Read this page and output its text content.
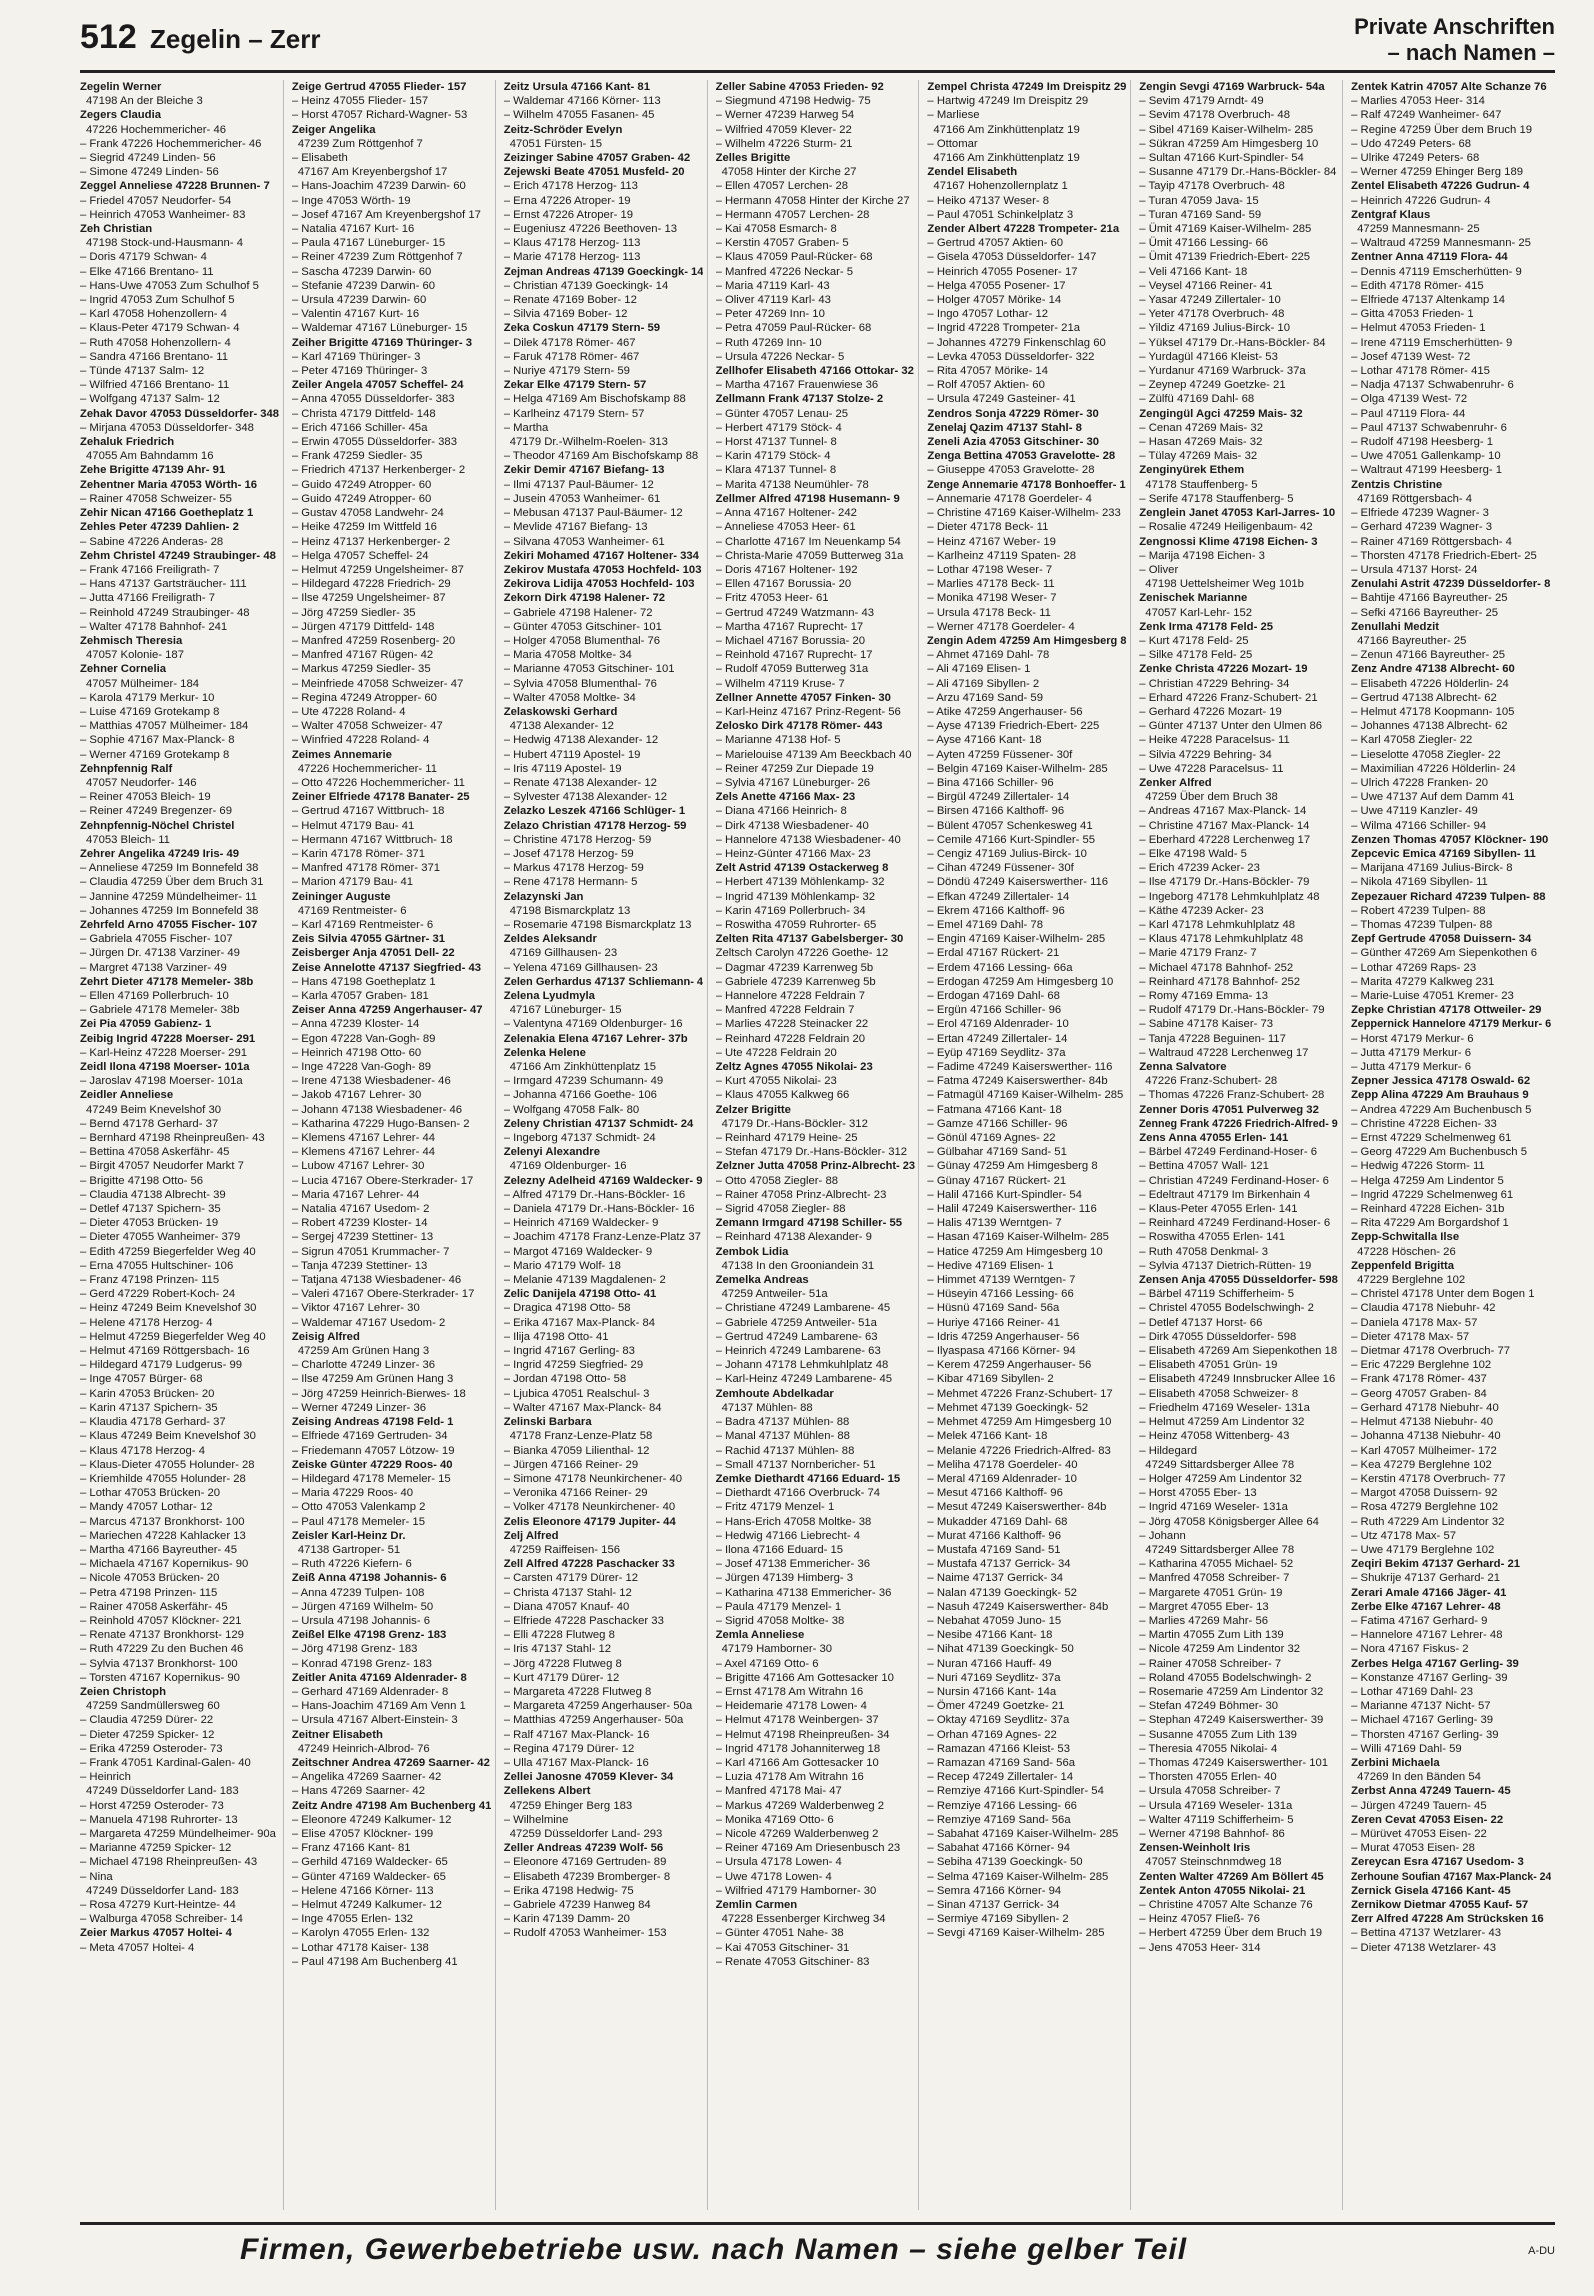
512 Zegelin – Zerr	Private Anschriften
– nach Namen –
Zegelin Werner
47198 An der Bleiche 3
Zegers Claudia
47226 Hochemmericher- 46
– Frank 47226 Hochemmericher- 46
– Siegrid 47249 Linden- 56
– Simone 47249 Linden- 56
Zeggel Anneliese 47228 Brunnen- 7
– Friedel 47057 Neudorfer- 54
– Heinrich 47053 Wanheimer- 83
Zeh Christian
47198 Stock-und-Hausmann- 4
– Doris 47179 Schwan- 4
– Elke 47166 Brentano- 11
– Hans-Uwe 47053 Zum Schulhof 5
– Ingrid 47053 Zum Schulhof 5
– Karl 47058 Hohenzollern- 4
– Klaus-Peter 47179 Schwan- 4
– Ruth 47058 Hohenzollern- 4
– Sandra 47166 Brentano- 11
– Tünde 47137 Salm- 12
– Wilfried 47166 Brentano- 11
– Wolfgang 47137 Salm- 12
Zehak Davor 47053 Düsseldorfer- 348
– Mirjana 47053 Düsseldorfer- 348
Zehaluk Friedrich
47055 Am Bahndamm 16
Zehe Brigitte 47139 Ahr- 91
Zehentner Maria 47053 Wörth- 16
– Rainer 47058 Schweizer- 55
Zehir Nican 47166 Goetheplatz 1
Zehles Peter 47239 Dahlien- 2
– Sabine 47226 Anderas- 28
Zehm Christel 47249 Straubinger- 48
– Frank 47166 Freiligrath- 7
– Hans 47137 Gartsträucher- 111
– Jutta 47166 Freiligrath- 7
– Reinhold 47249 Straubinger- 48
– Walter 47178 Bahnhof- 241
Zehmisch Theresia
47057 Kolonie- 187
Zehner Cornelia
47057 Mülheimer- 184
– Karola 47179 Merkur- 10
– Luise 47169 Grotekamp 8
– Matthias 47057 Mülheimer- 184
– Sophie 47167 Max-Planck- 8
– Werner 47169 Grotekamp 8
Zehnpfennig Ralf
47057 Neudorfer- 146
– Reiner 47053 Bleich- 19
– Reiner 47249 Bregenzer- 69
Zehnpfennig-Nöchel Christel
47053 Bleich- 11
Zehrer Angelika 47249 Iris- 49
– Anneliese 47259 Im Bonnefeld 38
– Claudia 47259 Über dem Bruch 31
– Jannine 47259 Mündelheimer- 11
– Johannes 47259 Im Bonnefeld 38
Zehrfeld Arno 47055 Fischer- 107
– Gabriela 47055 Fischer- 107
– Jürgen Dr. 47138 Varziner- 49
– Margret 47138 Varziner- 49
Zehrt Dieter 47178 Memeler- 38b
– Ellen 47169 Pollerbruch- 10
– Gabriele 47178 Memeler- 38b
Zei Pia 47059 Gabienz- 1
Zeibig Ingrid 47228 Moerser- 291
– Karl-Heinz 47228 Moerser- 291
Zeidl Ilona 47198 Moerser- 101a
– Jaroslav 47198 Moerser- 101a
Zeidler Anneliese
47249 Beim Knevelshof 30
– Bernd 47178 Gerhard- 37
– Bernhard 47198 Rheinpreußen- 43
– Bettina 47058 Askerfähr- 45
– Birgit 47057 Neudorfer Markt 7
– Brigitte 47198 Otto- 56
– Claudia 47138 Albrecht- 39
– Detlef 47137 Spichern- 35
– Dieter 47053 Brücken- 19
– Dieter 47055 Wanheimer- 379
– Edith 47259 Biegerfelder Weg 40
– Erna 47055 Hultschiner- 106
– Franz 47198 Prinzen- 115
– Gerd 47229 Robert-Koch- 24
– Heinz 47249 Beim Knevelshof 30
– Helene 47178 Herzog- 4
– Helmut 47259 Biegerfelder Weg 40
– Helmut 47169 Röttgersbach- 16
– Hildegard 47179 Ludgerus- 99
– Inge 47057 Bürger- 68
– Karin 47053 Brücken- 20
– Karin 47137 Spichern- 35
– Klaudia 47178 Gerhard- 37
– Klaus 47249 Beim Knevelshof 30
– Klaus 47178 Herzog- 4
– Klaus-Dieter 47055 Holunder- 28
– Kriemhilde 47055 Holunder- 28
– Lothar 47053 Brücken- 20
– Mandy 47057 Lothar- 12
– Marcus 47137 Bronkhorst- 100
– Mariechen 47228 Kahlacker 13
– Martha 47166 Bayreuther- 45
– Michaela 47167 Kopernikus- 90
– Nicole 47053 Brücken- 20
– Petra 47198 Prinzen- 115
– Rainer 47058 Askerfähr- 45
– Reinhold 47057 Klöckner- 221
– Renate 47137 Bronkhorst- 129
– Ruth 47229 Zu den Buchen 46
– Sylvia 47137 Bronkhorst- 100
– Torsten 47167 Kopernikus- 90
Zeien Christoph
47259 Sandmüllersweg 60
– Claudia 47259 Dürer- 22
– Dieter 47259 Spicker- 12
– Erika 47259 Osteroder- 73
– Frank 47051 Kardinal-Galen- 40
– Heinrich
47249 Düsseldorfer Land- 183
– Horst 47259 Osteroder- 73
– Manuela 47198 Ruhrorter- 13
– Margareta 47259 Mündelheimer- 90a
– Marianne 47259 Spicker- 12
– Michael 47198 Rheinpreußen- 43
– Nina
47249 Düsseldorfer Land- 183
– Rosa 47279 Kurt-Heintze- 44
– Walburga 47058 Schreiber- 14
Zeier Markus 47057 Holtei- 4
– Meta 47057 Holtei- 4
Zeige Gertrud 47055 Flieder- 157
– Heinz 47055 Flieder- 157
– Horst 47057 Richard-Wagner- 53
Zeiger Angelika
47239 Zum Röttgenhof 7
– Elisabeth
47167 Am Kreyenbergshof 17
– Hans-Joachim 47239 Darwin- 60
– Inge 47053 Wörth- 19
– Josef 47167 Am Kreyenbergshof 17
– Natalia 47167 Kurt- 16
– Paula 47167 Lüneburger- 15
– Reiner 47239 Zum Röttgenhof 7
– Sascha 47239 Darwin- 60
– Stefanie 47239 Darwin- 60
– Ursula 47239 Darwin- 60
– Valentin 47167 Kurt- 16
– Waldemar 47167 Lüneburger- 15
Zeiher Brigitte 47169 Thüringer- 3
– Karl 47169 Thüringer- 3
– Peter 47169 Thüringer- 3
Zeiler Angela 47057 Scheffel- 24
– Anna 47055 Düsseldorfer- 383
– Christa 47179 Dittfeld- 148
– Erich 47166 Schiller- 45a
– Erwin 47055 Düsseldorfer- 383
– Frank 47259 Siedler- 35
– Friedrich 47137 Herkenberger- 2
– Guido 47249 Atropper- 60
– Guido 47249 Atropper- 60
– Gustav 47058 Landwehr- 24
– Heike 47259 Im Wittfeld 16
– Heinz 47137 Herkenberger- 2
– Helga 47057 Scheffel- 24
– Helmut 47259 Ungelsheimer- 87
– Hildegard 47228 Friedrich- 29
– Ilse 47259 Ungelsheimer- 87
– Jörg 47259 Siedler- 35
– Jürgen 47179 Dittfeld- 148
– Manfred 47259 Rosenberg- 20
– Manfred 47167 Rügen- 42
– Markus 47259 Siedler- 35
– Meinfriede 47058 Schweizer- 47
– Regina 47249 Atropper- 60
– Ute 47228 Roland- 4
– Walter 47058 Schweizer- 47
– Winfried 47228 Roland- 4
Zeimes Annemarie
47226 Hochemmericher- 11
– Otto 47226 Hochemmericher- 11
Zeiner Elfriede 47178 Banater- 25
– Gertrud 47167 Wittbruch- 18
– Helmut 47179 Bau- 41
– Hermann 47167 Wittbruch- 18
– Karin 47178 Römer- 371
– Manfred 47178 Römer- 371
– Marion 47179 Bau- 41
Zeininger Auguste
47169 Rentmeister- 6
– Karl 47169 Rentmeister- 6
Zeis Silvia 47055 Gärtner- 31
Zeisberger Anja 47051 Dell- 22
Zeise Annelotte 47137 Siegfried- 43
– Hans 47198 Goetheplatz 1
– Karla 47057 Graben- 181
Zeiser Anna 47259 Angerhauser- 47
– Anna 47239 Kloster- 14
– Egon 47228 Van-Gogh- 89
– Heinrich 47198 Otto- 60
– Inge 47228 Van-Gogh- 89
– Irene 47138 Wiesbadener- 46
– Jakob 47167 Lehrer- 30
– Johann 47138 Wiesbadener- 46
– Katharina 47229 Hugo-Bansen- 2
– Klemens 47167 Lehrer- 44
– Klemens 47167 Lehrer- 44
– Lubow 47167 Lehrer- 30
– Lucia 47167 Obere-Sterkrader- 17
– Maria 47167 Lehrer- 44
– Natalia 47167 Usedom- 2
– Robert 47239 Kloster- 14
– Sergej 47239 Stettiner- 13
– Sigrun 47051 Krummacher- 7
– Tanja 47239 Stettiner- 13
– Tatjana 47138 Wiesbadener- 46
– Valeri 47167 Obere-Sterkrader- 17
– Viktor 47167 Lehrer- 30
– Waldemar 47167 Usedom- 2
Zeisig Alfred
47259 Am Grünen Hang 3
– Charlotte 47249 Linzer- 36
– Ilse 47259 Am Grünen Hang 3
– Jörg 47259 Heinrich-Bierwes- 18
– Werner 47249 Linzer- 36
Zeising Andreas 47198 Feld- 1
– Elfriede 47169 Gertruden- 34
– Friedemann 47057 Lötzow- 19
Zeiske Günter 47229 Roos- 40
– Hildegard 47178 Memeler- 15
– Maria 47229 Roos- 40
– Otto 47053 Valenkamp 2
– Paul 47178 Memeler- 15
Zeisler Karl-Heinz Dr.
47138 Gartroper- 51
– Ruth 47226 Kiefern- 6
Zeiß Anna 47198 Johannis- 6
– Anna 47239 Tulpen- 108
– Jürgen 47169 Wilhelm- 50
– Ursula 47198 Johannis- 6
Zeißel Elke 47198 Grenz- 183
– Jörg 47198 Grenz- 183
– Konrad 47198 Grenz- 183
Zeitler Anita 47169 Aldenrader- 8
– Gerhard 47169 Aldenrader- 8
– Hans-Joachim 47169 Am Venn 1
– Ursula 47167 Albert-Einstein- 3
Zeitner Elisabeth
47249 Heinrich-Albrod- 76
Zeitschner Andrea 47269 Saarner- 42
– Angelika 47269 Saarner- 42
– Hans 47269 Saarner- 42
Zeitz Andre 47198 Am Buchenberg 41
– Eleonore 47249 Kalkumer- 12
– Elise 47057 Klöckner- 199
– Franz 47166 Kant- 81
– Gerhild 47169 Waldecker- 65
– Günter 47169 Waldecker- 65
– Helene 47166 Körner- 113
– Helmut 47249 Kalkumer- 12
– Inge 47055 Erlen- 132
– Karolyn 47055 Erlen- 132
– Lothar 47178 Kaiser- 138
– Paul 47198 Am Buchenberg 41
Zeitz Ursula 47166 Kant- 81
– Waldemar 47166 Körner- 113
– Wilhelm 47055 Fasanen- 45
Zeitz-Schröder Evelyn
47051 Fürsten- 15
Zeizinger Sabine 47057 Graben- 42
Zejewski Beate 47051 Musfeld- 20
– Erich 47178 Herzog- 113
– Erna 47226 Atroper- 19
– Ernst 47226 Atroper- 19
– Eugeniusz 47226 Beethoven- 13
– Klaus 47178 Herzog- 113
– Marie 47178 Herzog- 113
Zejman Andreas 47139 Goeckingk- 14
– Christian 47139 Goeckingk- 14
– Renate 47169 Bober- 12
– Silvia 47169 Bober- 12
Zeka Coskun 47179 Stern- 59
– Dilek 47178 Römer- 467
– Faruk 47178 Römer- 467
– Nuriye 47179 Stern- 59
Zekar Elke 47179 Stern- 57
– Helga 47169 Am Bischofskamp 88
– Karlheinz 47179 Stern- 57
– Martha
47179 Dr.-Wilhelm-Roelen- 313
– Theodor 47169 Am Bischofskamp 88
Zekir Demir 47167 Biefang- 13
– Ilmi 47137 Paul-Bäumer- 12
– Jusein 47053 Wanheimer- 61
– Mebusan 47137 Paul-Bäumer- 12
– Mevlide 47167 Biefang- 13
– Silvana 47053 Wanheimer- 61
Zekiri Mohamed 47167 Holtener- 334
Zekirov Mustafa 47053 Hochfeld- 103
Zekirova Lidija 47053 Hochfeld- 103
Zekorn Dirk 47198 Halener- 72
– Gabriele 47198 Halener- 72
– Günter 47053 Gitschiner- 101
– Holger 47058 Blumenthal- 76
– Maria 47058 Moltke- 34
– Marianne 47053 Gitschiner- 101
– Sylvia 47058 Blumenthal- 76
– Walter 47058 Moltke- 34
Zelaskowski Gerhard
47138 Alexander- 12
– Hedwig 47138 Alexander- 12
– Hubert 47119 Apostel- 19
– Iris 47119 Apostel- 19
– Renate 47138 Alexander- 12
– Sylvester 47138 Alexander- 12
Zelazko Leszek 47166 Schlüger- 1
Zelazo Christian 47178 Herzog- 59
– Christine 47178 Herzog- 59
– Josef 47178 Herzog- 59
– Markus 47178 Herzog- 59
– Rene 47178 Hermann- 5
Zelazynski Jan
47198 Bismarckplatz 13
– Rosemarie 47198 Bismarckplatz 13
Zeldes Aleksandr
47169 Gillhausen- 23
– Yelena 47169 Gillhausen- 23
Zelen Gerhardus 47137 Schliemann- 4
Zelena Lyudmyla
47167 Lüneburger- 15
– Valentyna 47169 Oldenburger- 16
Zelenakia Elena 47167 Lehrer- 37b
Zelenka Helene
47166 Am Zinkhüttenplatz 15
– Irmgard 47239 Schumann- 49
– Johanna 47166 Goethe- 106
– Wolfgang 47058 Falk- 80
Zeleny Christian 47137 Schmidt- 24
– Ingeborg 47137 Schmidt- 24
Zelenyi Alexandre
47169 Oldenburger- 16
Zelezny Adelheid 47169 Waldecker- 9
– Alfred 47179 Dr.-Hans-Böckler- 16
– Daniela 47179 Dr.-Hans-Böckler- 16
– Heinrich 47169 Waldecker- 9
– Joachim 47178 Franz-Lenze-Platz 37
– Margot 47169 Waldecker- 9
– Mario 47179 Wolf- 18
– Melanie 47139 Magdalenen- 2
Zelic Danijela 47198 Otto- 41
– Dragica 47198 Otto- 58
– Erika 47167 Max-Planck- 84
– Ilija 47198 Otto- 41
– Ingrid 47167 Gerling- 83
– Ingrid 47259 Siegfried- 29
– Jordan 47198 Otto- 58
– Ljubica 47051 Realschul- 3
– Walter 47167 Max-Planck- 84
Zelinski Barbara
47178 Franz-Lenze-Platz 58
– Bianka 47059 Lilienthal- 12
– Jürgen 47166 Reiner- 29
– Simone 47178 Neunkirchener- 40
– Veronika 47166 Reiner- 29
– Volker 47178 Neunkirchener- 40
Zelis Eleonore 47179 Jupiter- 44
Zelj Alfred
47259 Raiffeisen- 156
Zell Alfred 47228 Paschacker 33
– Carsten 47179 Dürer- 12
– Christa 47137 Stahl- 12
– Diana 47057 Knauf- 40
– Elfriede 47228 Paschacker 33
– Elli 47228 Flutweg 8
– Iris 47137 Stahl- 12
– Jörg 47228 Flutweg 8
– Kurt 47179 Dürer- 12
– Margareta 47228 Flutweg 8
– Margareta 47259 Angerhauser- 50a
– Matthias 47259 Angerhauser- 50a
– Ralf 47167 Max-Planck- 16
– Regina 47179 Dürer- 12
– Ulla 47167 Max-Planck- 16
Zellei Janosne 47059 Klever- 34
Zellekens Albert
47259 Ehinger Berg 183
– Wilhelmine
47259 Düsseldorfer Land- 293
Zeller Andreas 47239 Wolf- 56
– Eleonore 47169 Gertruden- 89
– Elisabeth 47239 Bromberger- 8
– Erika 47198 Hedwig- 75
– Gabriele 47239 Hanweg 84
– Karin 47139 Damm- 20
– Rudolf 47053 Wanheimer- 153
Zeller Sabine 47053 Frieden- 92
– Siegmund 47198 Hedwig- 75
– Werner 47239 Harweg 54
– Wilfried 47059 Klever- 22
– Wilhelm 47226 Sturm- 21
Zelles Brigitte
47058 Hinter der Kirche 27
– Ellen 47057 Lerchen- 28
– Hermann 47058 Hinter der Kirche 27
– Hermann 47057 Lerchen- 28
– Kai 47058 Esmarch- 8
– Kerstin 47057 Graben- 5
– Klaus 47059 Paul-Rücker- 68
– Manfred 47226 Neckar- 5
– Maria 47119 Karl- 43
– Oliver 47119 Karl- 43
– Peter 47269 Inn- 10
– Petra 47059 Paul-Rücker- 68
– Ruth 47269 Inn- 10
– Ursula 47226 Neckar- 5
Zellhofer Elisabeth 47166 Ottokar- 32
– Martha 47167 Frauenwiese 36
Zellmann Frank 47137 Stolze- 2
– Günter 47057 Lenau- 25
– Herbert 47179 Stöck- 4
– Horst 47137 Tunnel- 8
– Karin 47179 Stöck- 4
– Klara 47137 Tunnel- 8
– Marita 47138 Neumühler- 78
Zellmer Alfred 47198 Husemann- 9
– Anna 47167 Holtener- 242
– Anneliese 47053 Heer- 61
– Charlotte 47167 Im Neuenkamp 54
– Christa-Marie 47059 Butterweg 31a
– Doris 47167 Holtener- 192
– Ellen 47167 Borussia- 20
– Fritz 47053 Heer- 61
– Gertrud 47249 Watzmann- 43
– Martha 47167 Ruprecht- 17
– Michael 47167 Borussia- 20
– Reinhold 47167 Ruprecht- 17
– Rudolf 47059 Butterweg 31a
– Wilhelm 47119 Kruse- 7
Zellner Annette 47057 Finken- 30
– Karl-Heinz 47167 Prinz-Regent- 56
Zelosko Dirk 47178 Römer- 443
– Marianne 47138 Hof- 5
– Marielouise 47139 Am Beeckbach 40
– Reiner 47259 Zur Diepade 19
– Sylvia 47167 Lüneburger- 26
Zels Anette 47166 Max- 23
– Diana 47166 Heinrich- 8
– Dirk 47138 Wiesbadener- 40
– Hannelore 47138 Wiesbadener- 40
– Heinz-Günter 47166 Max- 23
Zelt Astrid 47139 Ostackerweg 8
– Herbert 47139 Möhlenkamp- 32
– Ingrid 47139 Möhlenkamp- 32
– Karin 47169 Pollerbruch- 34
– Roswitha 47059 Ruhrorter- 65
Zelten Rita 47137 Gabelsberger- 30
Zeltsch Carolyn 47226 Goethe- 12
– Dagmar 47239 Karrenweg 5b
– Gabriele 47239 Karrenweg 5b
– Hannelore 47228 Feldrain 7
– Manfred 47228 Feldrain 7
– Marlies 47228 Steinacker 22
– Reinhard 47228 Feldrain 20
– Ute 47228 Feldrain 20
Zeltz Agnes 47055 Nikolai- 23
– Kurt 47055 Nikolai- 23
– Klaus 47055 Kalkweg 66
Zelzer Brigitte
47179 Dr.-Hans-Böckler- 312
– Reinhard 47179 Heine- 25
– Stefan 47179 Dr.-Hans-Böckler- 312
Zelzner Jutta 47058 Prinz-Albrecht- 23
– Otto 47058 Ziegler- 88
– Rainer 47058 Prinz-Albrecht- 23
– Sigrid 47058 Ziegler- 88
Zemann Irmgard 47198 Schiller- 55
– Reinhard 47138 Alexander- 9
Zembok Lidia
47138 In den Grooniandein 31
Zemelka Andreas
47259 Antweiler- 51a
– Christiane 47249 Lambarene- 45
– Gabriele 47259 Antweiler- 51a
– Gertrud 47249 Lambarene- 63
– Heinrich 47249 Lambarene- 63
– Johann 47178 Lehmkuhlplatz 48
– Karl-Heinz 47249 Lambarene- 45
Zemhoute Abdelkadar
47137 Mühlen- 88
– Badra 47137 Mühlen- 88
– Manal 47137 Mühlen- 88
– Rachid 47137 Mühlen- 88
– Small 47137 Nornbericher- 51
Zemke Diethardt 47166 Eduard- 15
– Diethardt 47166 Overbruck- 74
– Fritz 47179 Menzel- 1
– Hans-Erich 47058 Moltke- 38
– Hedwig 47166 Liebrecht- 4
– Ilona 47166 Eduard- 15
– Josef 47138 Emmericher- 36
– Jürgen 47139 Himberg- 3
– Katharina 47138 Emmericher- 36
– Paula 47179 Menzel- 1
– Sigrid 47058 Moltke- 38
Zemla Anneliese
47179 Hamborner- 30
– Axel 47169 Otto- 6
– Brigitte 47166 Am Gottesacker 10
– Ernst 47178 Am Witrahn 16
– Heidemarie 47178 Lowen- 4
– Helmut 47178 Weinbergen- 37
– Helmut 47198 Rheinpreußen- 34
– Ingrid 47178 Johanniterweg 18
– Karl 47166 Am Gottesacker 10
– Luzia 47178 Am Witrahn 16
– Manfred 47178 Mai- 47
– Markus 47269 Walderbenweg 2
– Monika 47169 Otto- 6
– Nicole 47269 Walderbenweg 2
– Reiner 47169 Am Driesenbusch 23
– Ursula 47178 Lowen- 4
– Uwe 47178 Lowen- 4
– Wilfried 47179 Hamborner- 30
Zemlin Carmen
47228 Essenberger Kirchweg 34
– Günter 47051 Nahe- 38
– Kai 47053 Gitschiner- 31
– Renate 47053 Gitschiner- 83
Zempel Christa 47249 Im Dreispitz 29
– Hartwig 47249 Im Dreispitz 29
– Marliese
47166 Am Zinkhüttenplatz 19
– Ottomar
47166 Am Zinkhüttenplatz 19
Zendel Elisabeth
47167 Hohenzollernplatz 1
– Heiko 47137 Weser- 8
– Paul 47051 Schinkelplatz 3
Zender Albert 47228 Trompeter- 21a
– Gertrud 47057 Aktien- 60
– Gisela 47053 Düsseldorfer- 147
– Heinrich 47055 Posener- 17
– Helga 47055 Posener- 17
– Holger 47057 Mörike- 14
– Ingo 47057 Lothar- 12
– Ingrid 47228 Trompeter- 21a
– Johannes 47279 Finkenschlag 60
– Levka 47053 Düsseldorfer- 322
– Rita 47057 Mörike- 14
– Rolf 47057 Aktien- 60
– Ursula 47249 Gasteiner- 41
Zendros Sonja 47229 Römer- 30
Zenelaj Qazim 47137 Stahl- 8
Zeneli Azia 47053 Gitschiner- 30
Zenga Bettina 47053 Gravelotte- 28
– Giuseppe 47053 Gravelotte- 28
Zenge Annemarie 47178 Bonhoeffer- 1
– Annemarie 47178 Goerdeler- 4
– Christine 47169 Kaiser-Wilhelm- 233
– Dieter 47178 Beck- 11
– Heinz 47167 Weber- 19
– Karlheinz 47119 Spaten- 28
– Lothar 47198 Weser- 7
– Marlies 47178 Beck- 11
– Monika 47198 Weser- 7
– Ursula 47178 Beck- 11
– Werner 47178 Goerdeler- 4
Zengin Adem 47259 Am Himgesberg 8
– Ahmet 47169 Dahl- 78
– Ali 47169 Elisen- 1
– Ali 47169 Sibyllen- 2
– Arzu 47169 Sand- 59
– Atike 47259 Angerhauser- 56
– Ayse 47139 Friedrich-Ebert- 225
– Ayse 47166 Kant- 18
– Ayten 47259 Füssener- 30f
– Belgin 47169 Kaiser-Wilhelm- 285
– Bina 47166 Schiller- 96
– Birgül 47249 Zillertaler- 14
– Birsen 47166 Kalthoff- 96
– Bülent 47057 Schenkesweg 41
– Cemile 47166 Kurt-Spindler- 55
– Cengiz 47169 Julius-Birck- 10
– Cihan 47249 Füssener- 30f
– Döndü 47249 Kaiserswerther- 116
– Efkan 47249 Zillertaler- 14
– Ekrem 47166 Kalthoff- 96
– Emel 47169 Dahl- 78
– Engin 47169 Kaiser-Wilhelm- 285
– Erdal 47167 Rückert- 21
– Erdem 47166 Lessing- 66a
– Erdogan 47259 Am Himgesberg 10
– Erdogan 47169 Dahl- 68
– Ergün 47166 Schiller- 96
– Erol 47169 Aldenrader- 10
– Ertan 47249 Zillertaler- 14
– Eyüp 47169 Seydlitz- 37a
– Fadime 47249 Kaiserswerther- 116
– Fatma 47249 Kaiserswerther- 84b
– Fatmagül 47169 Kaiser-Wilhelm- 285
– Fatmana 47166 Kant- 18
– Gamze 47166 Schiller- 96
– Gönül 47169 Agnes- 22
– Gülbahar 47169 Sand- 51
– Günay 47259 Am Himgesberg 8
– Günay 47167 Rückert- 21
– Halil 47166 Kurt-Spindler- 54
– Halil 47249 Kaiserswerther- 116
– Halis 47139 Werntgen- 7
– Hasan 47169 Kaiser-Wilhelm- 285
– Hatice 47259 Am Himgesberg 10
– Hedive 47169 Elisen- 1
– Himmet 47139 Werntgen- 7
– Hüseyin 47166 Lessing- 66
– Hüsnü 47169 Sand- 56a
– Huriye 47166 Reiner- 41
– Idris 47259 Angerhauser- 56
– Ilyaspasa 47166 Körner- 94
– Kerem 47259 Angerhauser- 56
– Kibar 47169 Sibyllen- 2
– Mehmet 47226 Franz-Schubert- 17
– Mehmet 47139 Goeckingk- 52
– Mehmet 47259 Am Himgesberg 10
– Melek 47166 Kant- 18
– Melanie 47226 Friedrich-Alfred- 83
– Meliha 47178 Goerdeler- 40
– Meral 47169 Aldenrader- 10
– Mesut 47166 Kalthoff- 96
– Mesut 47249 Kaiserswerther- 84b
– Mukadder 47169 Dahl- 68
– Murat 47166 Kalthoff- 96
– Mustafa 47169 Sand- 51
– Mustafa 47137 Gerrick- 34
– Naime 47137 Gerrick- 34
– Nalan 47139 Goeckingk- 52
– Nasuh 47249 Kaiserswerther- 84b
– Nebahat 47059 Juno- 15
– Nesibe 47166 Kant- 18
– Nihat 47139 Goeckingk- 50
– Nuran 47166 Hauff- 49
– Nuri 47169 Seydlitz- 37a
– Nursin 47166 Kant- 14a
– Ömer 47249 Goetzke- 21
– Oktay 47169 Seydlitz- 37a
– Orhan 47169 Agnes- 22
– Ramazan 47166 Kleist- 53
– Ramazan 47169 Sand- 56a
– Recep 47249 Zillertaler- 14
– Remziye 47166 Kurt-Spindler- 54
– Remziye 47166 Lessing- 66
– Remziye 47169 Sand- 56a
– Sabahat 47169 Kaiser-Wilhelm- 285
– Sabahat 47166 Körner- 94
– Sebiha 47139 Goeckingk- 50
– Selma 47169 Kaiser-Wilhelm- 285
– Semra 47166 Körner- 94
– Sinan 47137 Gerrick- 34
– Sermiye 47169 Sibyllen- 2
– Sevgi 47169 Kaiser-Wilhelm- 285
Zengin Sevgi 47169 Warbruck- 54a
– Sevim 47179 Arndt- 49
– Sevim 47178 Overbruch- 48
– Sibel 47169 Kaiser-Wilhelm- 285
– Sükran 47259 Am Himgesberg 10
– Sultan 47166 Kurt-Spindler- 54
– Susanne 47179 Dr.-Hans-Böckler- 84
– Tayip 47178 Overbruch- 48
– Turan 47059 Java- 15
– Turan 47169 Sand- 59
– Ümit 47169 Kaiser-Wilhelm- 285
– Ümit 47166 Lessing- 66
– Ümit 47139 Friedrich-Ebert- 225
– Veli 47166 Kant- 18
– Veysel 47166 Reiner- 41
– Yasar 47249 Zillertaler- 10
– Yeter 47178 Overbruch- 48
– Yildiz 47169 Julius-Birck- 10
– Yüksel 47179 Dr.-Hans-Böckler- 84
– Yurdagül 47166 Kleist- 53
– Yurdanur 47169 Warbruck- 37a
– Zeynep 47249 Goetzke- 21
– Zülfü 47169 Dahl- 68
Zengingül Agci 47259 Mais- 32
– Cenan 47269 Mais- 32
– Hasan 47269 Mais- 32
– Tülay 47269 Mais- 32
Zenginyürek Ethem
47178 Stauffenberg- 5
– Serife 47178 Stauffenberg- 5
Zenglein Janet 47053 Karl-Jarres- 10
– Rosalie 47249 Heiligenbaum- 42
Zengnossi Klime 47198 Eichen- 3
– Marija 47198 Eichen- 3
– Oliver
47198 Uettelsheimer Weg 101b
Zenischek Marianne
47057 Karl-Lehr- 152
Zenk Irma 47178 Feld- 25
– Kurt 47178 Feld- 25
– Silke 47178 Feld- 25
Zenke Christa 47226 Mozart- 19
– Christian 47229 Behring- 34
– Erhard 47226 Franz-Schubert- 21
– Gerhard 47226 Mozart- 19
– Günter 47137 Unter den Ulmen 86
– Heike 47228 Paracelsus- 11
– Silvia 47229 Behring- 34
– Uwe 47228 Paracelsus- 11
Zenker Alfred
47259 Über dem Bruch 38
– Andreas 47167 Max-Planck- 14
– Christine 47167 Max-Planck- 14
– Eberhard 47228 Lerchenweg 17
– Elke 47198 Wald- 5
– Erich 47239 Acker- 23
– Ilse 47179 Dr.-Hans-Böckler- 79
– Ingeborg 47178 Lehmkuhlplatz 48
– Käthe 47239 Acker- 23
– Karl 47178 Lehmkuhlplatz 48
– Klaus 47178 Lehmkuhlplatz 48
– Marie 47179 Franz- 7
– Michael 47178 Bahnhof- 252
– Reinhard 47178 Bahnhof- 252
– Romy 47169 Emma- 13
– Rudolf 47179 Dr.-Hans-Böckler- 79
– Sabine 47178 Kaiser- 73
– Tanja 47228 Beguinen- 117
– Waltraud 47228 Lerchenweg 17
Zenna Salvatore
47226 Franz-Schubert- 28
– Thomas 47226 Franz-Schubert- 28
Zenner Doris 47051 Pulverweg 32
Zenneg Frank 47226 Friedrich-Alfred- 9
Zens Anna 47055 Erlen- 141
– Bärbel 47249 Ferdinand-Hoser- 6
– Bettina 47057 Wall- 121
– Christian 47249 Ferdinand-Hoser- 6
– Edeltraut 47179 Im Birkenhain 4
– Klaus-Peter 47055 Erlen- 141
– Reinhard 47249 Ferdinand-Hoser- 6
– Roswitha 47055 Erlen- 141
– Ruth 47058 Denkmal- 3
– Sylvia 47137 Dietrich-Rütten- 19
Zensen Anja 47055 Düsseldorfer- 598
– Bärbel 47119 Schifferheim- 5
– Christel 47055 Bodelschwingh- 2
– Detlef 47137 Horst- 66
– Dirk 47055 Düsseldorfer- 598
– Elisabeth 47269 Am Siepenkothen 18
– Elisabeth 47051 Grün- 19
– Elisabeth 47249 Innsbrucker Allee 16
– Elisabeth 47058 Schweizer- 8
– Friedhelm 47169 Weseler- 131a
– Helmut 47259 Am Lindentor 32
– Heinz 47058 Wittenberg- 43
– Hildegard
47249 Sittardsberger Allee 78
– Holger 47259 Am Lindentor 32
– Horst 47055 Eber- 13
– Ingrid 47169 Weseler- 131a
– Jörg 47058 Königsberger Allee 64
– Johann
47249 Sittardsberger Allee 78
– Katharina 47055 Michael- 52
– Manfred 47058 Schreiber- 7
– Margarete 47051 Grün- 19
– Margret 47055 Eber- 13
– Marlies 47269 Mahr- 56
– Martin 47055 Zum Lith 139
– Nicole 47259 Am Lindentor 32
– Rainer 47058 Schreiber- 7
– Roland 47055 Bodelschwingh- 2
– Rosemarie 47259 Am Lindentor 32
– Stefan 47249 Böhmer- 30
– Stephan 47249 Kaiserswerther- 39
– Susanne 47055 Zum Lith 139
– Theresia 47055 Nikolai- 4
– Thomas 47249 Kaiserswerther- 101
– Thorsten 47055 Erlen- 40
– Ursula 47058 Schreiber- 7
– Ursula 47169 Weseler- 131a
– Walter 47119 Schifferheim- 5
– Werner 47198 Bahnhof- 86
Zensen-Weinholt Iris
47057 Steinschnmdweg 18
Zenten Walter 47269 Am Böllert 45
Zentek Anton 47055 Nikolai- 21
– Christine 47057 Alte Schanze 76
– Heinz 47057 Fließ- 76
– Herbert 47259 Über dem Bruch 19
– Jens 47053 Heer- 314
Zentek Katrin 47057 Alte Schanze 76
– Marlies 47053 Heer- 314
– Ralf 47249 Wanheimer- 647
– Regine 47259 Über dem Bruch 19
– Udo 47249 Peters- 68
– Ulrike 47249 Peters- 68
– Werner 47259 Ehinger Berg 189
Zentel Elisabeth 47226 Gudrun- 4
– Heinrich 47226 Gudrun- 4
Zentgraf Klaus
47259 Mannesmann- 25
– Waltraud 47259 Mannesmann- 25
Zentner Anna 47119 Flora- 44
– Dennis 47119 Emscherhütten- 9
– Edith 47178 Römer- 415
– Elfriede 47137 Altenkamp 14
– Gitta 47053 Frieden- 1
– Helmut 47053 Frieden- 1
– Irene 47119 Emscherhütten- 9
– Josef 47139 West- 72
– Lothar 47178 Römer- 415
– Nadja 47137 Schwabenruhr- 6
– Olga 47139 West- 72
– Paul 47119 Flora- 44
– Paul 47137 Schwabenruhr- 6
– Rudolf 47198 Heesberg- 1
– Uwe 47051 Gallenkamp- 10
– Waltraut 47199 Heesberg- 1
Zentzis Christine
47169 Röttgersbach- 4
– Elfriede 47239 Wagner- 3
– Gerhard 47239 Wagner- 3
– Rainer 47169 Röttgersbach- 4
– Thorsten 47178 Friedrich-Ebert- 25
– Ursula 47137 Horst- 24
Zenulahi Astrit 47239 Düsseldorfer- 8
– Bahtije 47166 Bayreuther- 25
– Sefki 47166 Bayreuther- 25
Zenullahi Medzit
47166 Bayreuther- 25
– Zenun 47166 Bayreuther- 25
Zenz Andre 47138 Albrecht- 60
– Elisabeth 47226 Hölderlin- 24
– Gertrud 47138 Albrecht- 62
– Helmut 47178 Koopmann- 105
– Johannes 47138 Albrecht- 62
– Karl 47058 Ziegler- 22
– Lieselotte 47058 Ziegler- 22
– Maximilian 47226 Hölderlin- 24
– Ulrich 47228 Franken- 20
– Uwe 47137 Auf dem Damm 41
– Uwe 47119 Kanzler- 49
– Wilma 47166 Schiller- 94
Zenzen Thomas 47057 Klöckner- 190
Zepcevic Emica 47169 Sibyllen- 11
– Marijana 47169 Julius-Birck- 8
– Nikola 47169 Sibyllen- 11
Zepezauer Richard 47239 Tulpen- 88
– Robert 47239 Tulpen- 88
– Thomas 47239 Tulpen- 88
Zepf Gertrude 47058 Duissern- 34
– Günther 47269 Am Siepenkothen 6
– Lothar 47269 Raps- 23
– Marita 47279 Kalkweg 231
– Marie-Luise 47051 Kremer- 23
Zepke Christian 47178 Ottweiler- 29
Zeppernick Hannelore 47179 Merkur- 6
– Horst 47179 Merkur- 6
– Jutta 47179 Merkur- 6
– Jutta 47179 Merkur- 6
Zepner Jessica 47178 Oswald- 62
Zepp Alina 47229 Am Brauhaus 9
– Andrea 47229 Am Buchenbusch 5
– Christine 47228 Eichen- 33
– Ernst 47229 Schelmenweg 61
– Georg 47229 Am Buchenbusch 5
– Hedwig 47226 Storm- 11
– Helga 47259 Am Lindentor 5
– Ingrid 47229 Schelmenweg 61
– Reinhard 47228 Eichen- 31b
– Rita 47229 Am Borgardshof 1
Zepp-Schwitalla Ilse
47228 Höschen- 26
Zeppenfeld Brigitta
47229 Berglehne 102
– Christel 47178 Unter dem Bogen 1
– Claudia 47178 Niebuhr- 42
– Daniela 47178 Max- 57
– Dieter 47178 Max- 57
– Dietmar 47178 Overbruch- 77
– Eric 47229 Berglehne 102
– Frank 47178 Römer- 437
– Georg 47057 Graben- 84
– Gerhard 47178 Niebuhr- 40
– Helmut 47138 Niebuhr- 40
– Johanna 47138 Niebuhr- 40
– Karl 47057 Mülheimer- 172
– Kea 47279 Berglehne 102
– Kerstin 47178 Overbruch- 77
– Margot 47058 Duissern- 92
– Rosa 47279 Berglehne 102
– Ruth 47229 Am Lindentor 32
– Utz 47178 Max- 57
– Uwe 47179 Berglehne 102
Zeqiri Bekim 47137 Gerhard- 21
– Shukrije 47137 Gerhard- 21
Zerari Amale 47166 Jäger- 41
Zerbe Elke 47167 Lehrer- 48
– Fatima 47167 Gerhard- 9
– Hannelore 47167 Lehrer- 48
– Nora 47167 Fiskus- 2
Zerbes Helga 47167 Gerling- 39
– Konstanze 47167 Gerling- 39
– Lothar 47169 Dahl- 23
– Marianne 47137 Nicht- 57
– Michael 47167 Gerling- 39
– Thorsten 47167 Gerling- 39
– Willi 47169 Dahl- 59
Zerbini Michaela
47269 In den Bänden 54
Zerbst Anna 47249 Tauern- 45
– Jürgen 47249 Tauern- 45
Zeren Cevat 47053 Eisen- 22
– Mürüvet 47053 Eisen- 22
– Murat 47053 Eisen- 28
Zereycan Esra 47167 Usedom- 3
Zerhoune Soufian 47167 Max-Planck- 24
Zernick Gisela 47166 Kant- 45
Zernikow Dietmar 47055 Kauf- 57
Zerr Alfred 47228 Am Strücksken 16
– Bettina 47137 Wetzlarer- 43
– Dieter 47138 Wetzlarer- 43
Firmen, Gewerbebetriebe usw. nach Namen – siehe gelber Teil	A-DU
